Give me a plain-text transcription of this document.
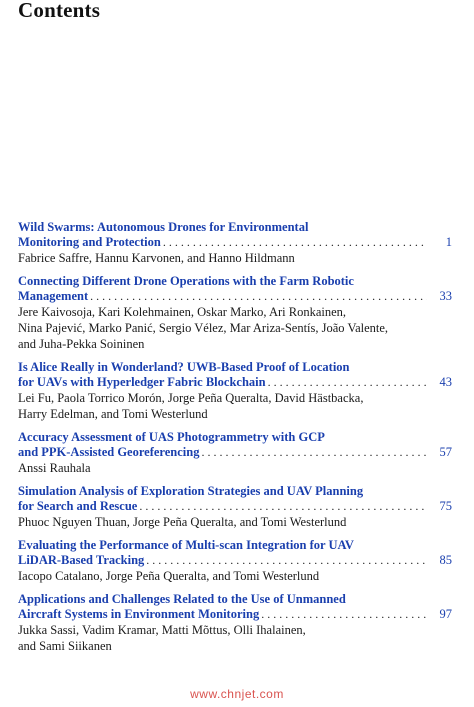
Contents
Wild Swarms: Autonomous Drones for Environmental
Monitoring and Protection . . .	1
Fabrice Saffre, Hannu Karvonen, and Hanno Hildmann
Connecting Different Drone Operations with the Farm Robotic
Management . . .	33
Jere Kaivosoja, Kari Kolehmainen, Oskar Marko, Ari Ronkainen,
Nina Pajević, Marko Panić, Sergio Vélez, Mar Ariza-Sentís, João Valente,
and Juha-Pekka Soininen
Is Alice Really in Wonderland? UWB-Based Proof of Location
for UAVs with Hyperledger Fabric Blockchain . . .	43
Lei Fu, Paola Torrico Morón, Jorge Peña Queralta, David Hästbacka,
Harry Edelman, and Tomi Westerlund
Accuracy Assessment of UAS Photogrammetry with GCP
and PPK-Assisted Georeferencing . . .	57
Anssi Rauhala
Simulation Analysis of Exploration Strategies and UAV Planning
for Search and Rescue . . .	75
Phuoc Nguyen Thuan, Jorge Peña Queralta, and Tomi Westerlund
Evaluating the Performance of Multi-scan Integration for UAV
LiDAR-Based Tracking . . .	85
Iacopo Catalano, Jorge Peña Queralta, and Tomi Westerlund
Applications and Challenges Related to the Use of Unmanned
Aircraft Systems in Environment Monitoring . . .	97
Jukka Sassi, Vadim Kramar, Matti Mõttus, Olli Ihalainen,
and Sami Siikanen
www.chnjet.com
